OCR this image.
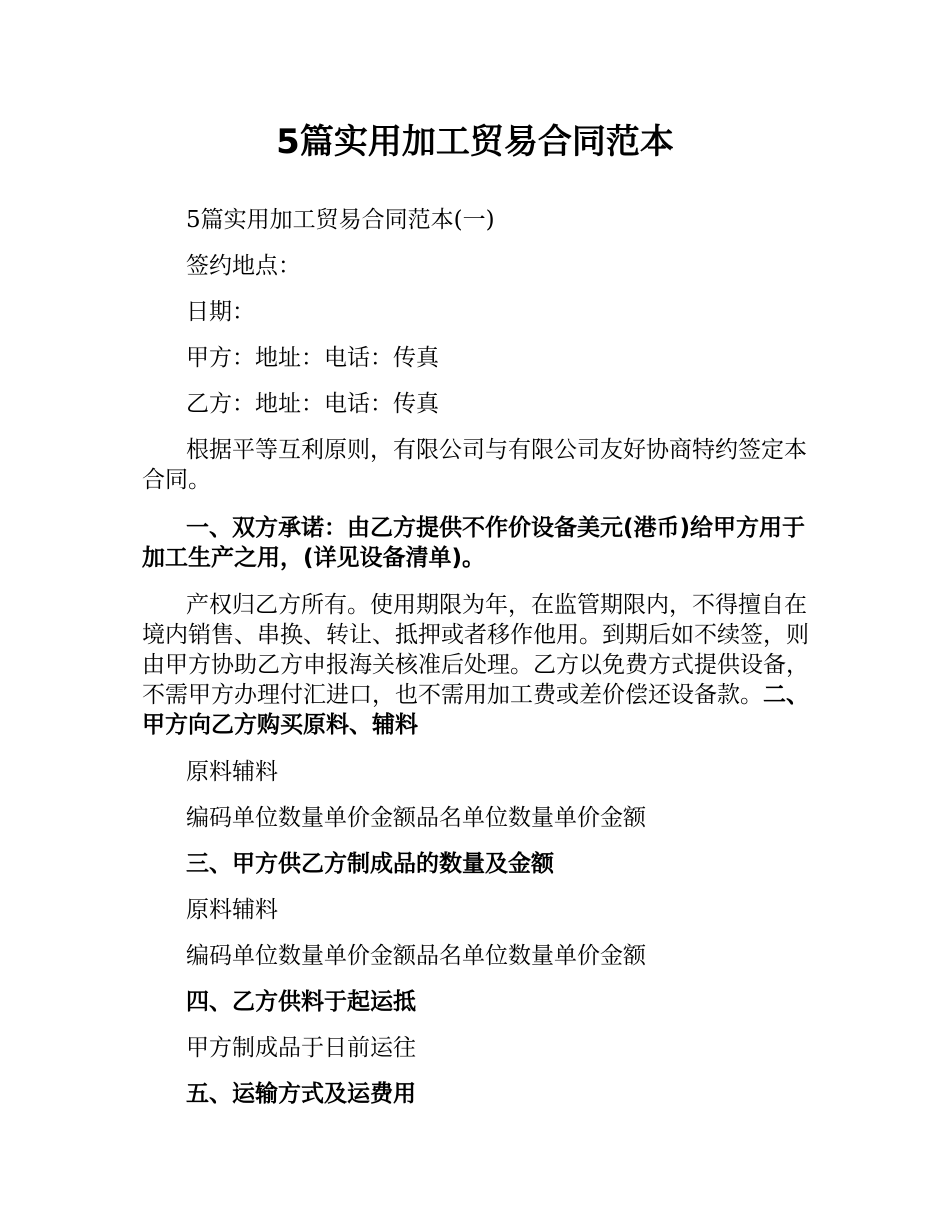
5篇实用加工贸易合同范本

5篇实用加工贸易合同范本(一)

签约地点：

日期：

甲方：地址：电话：传真

乙方：地址：电话：传真

根据平等互利原则，有限公司与有限公司友好协商特约签定本合同。

一、双方承诺：由乙方提供不作价设备美元(港币)给甲方用于加工生产之用，(详见设备清单)。

产权归乙方所有。使用期限为年，在监管期限内，不得擅自在境内销售、串换、转让、抵押或者移作他用。到期后如不续签，则由甲方协助乙方申报海关核准后处理。乙方以免费方式提供设备，不需甲方办理付汇进口，也不需用加工费或差价偿还设备款。二、甲方向乙方购买原料、辅料

原料辅料

编码单位数量单价金额品名单位数量单价金额

三、甲方供乙方制成品的数量及金额

原料辅料

编码单位数量单价金额品名单位数量单价金额

四、乙方供料于起运抵

甲方制成品于日前运往

五、运输方式及运费用
